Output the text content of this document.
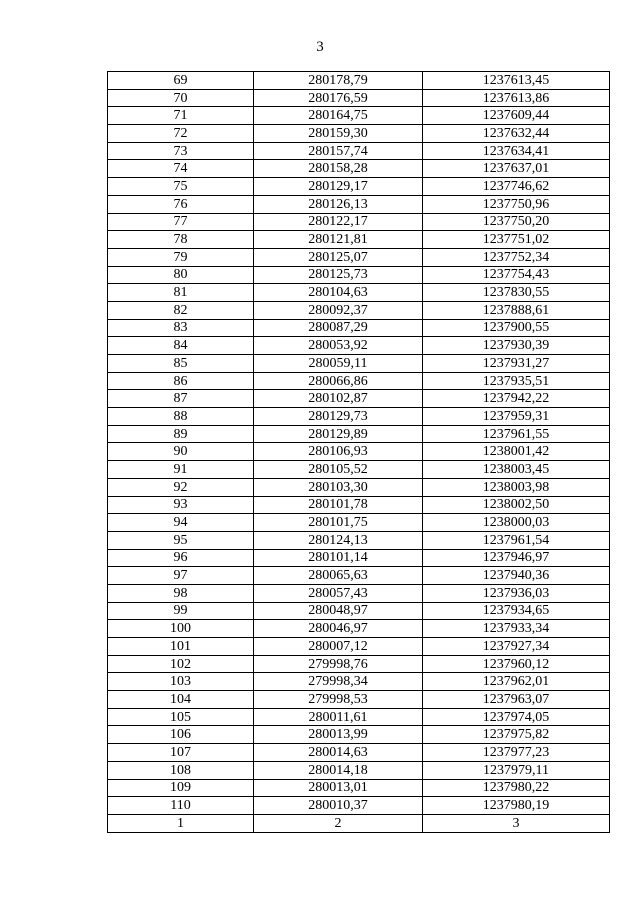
3
69	280178,79	1237613,45
70	280176,59	1237613,86
71	280164,75	1237609,44
72	280159,30	1237632,44
73	280157,74	1237634,41
74	280158,28	1237637,01
75	280129,17	1237746,62
76	280126,13	1237750,96
77	280122,17	1237750,20
78	280121,81	1237751,02
79	280125,07	1237752,34
80	280125,73	1237754,43
81	280104,63	1237830,55
82	280092,37	1237888,61
83	280087,29	1237900,55
84	280053,92	1237930,39
85	280059,11	1237931,27
86	280066,86	1237935,51
87	280102,87	1237942,22
88	280129,73	1237959,31
89	280129,89	1237961,55
90	280106,93	1238001,42
91	280105,52	1238003,45
92	280103,30	1238003,98
93	280101,78	1238002,50
94	280101,75	1238000,03
95	280124,13	1237961,54
96	280101,14	1237946,97
97	280065,63	1237940,36
98	280057,43	1237936,03
99	280048,97	1237934,65
100	280046,97	1237933,34
101	280007,12	1237927,34
102	279998,76	1237960,12
103	279998,34	1237962,01
104	279998,53	1237963,07
105	280011,61	1237974,05
106	280013,99	1237975,82
107	280014,63	1237977,23
108	280014,18	1237979,11
109	280013,01	1237980,22
110	280010,37	1237980,19
1	2	3
